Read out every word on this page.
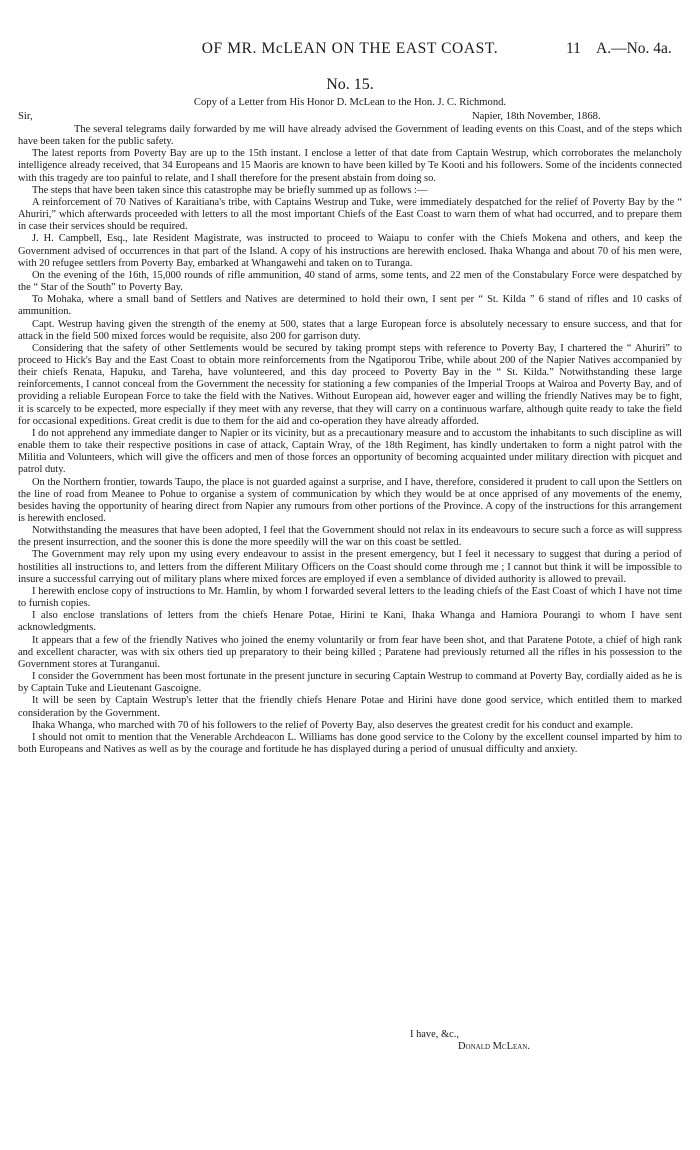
OF MR. McLEAN ON THE EAST COAST.	11 A.—No. 4a.
No. 15.
Copy of a Letter from His Honor D. McLean to the Hon. J. C. Richmond.
Sir,	Napier, 18th November, 1868.

The several telegrams daily forwarded by me will have already advised the Government of leading events on this Coast, and of the steps which have been taken for the public safety.

The latest reports from Poverty Bay are up to the 15th instant. I enclose a letter of that date from Captain Westrup, which corroborates the melancholy intelligence already received, that 34 Europeans and 15 Maoris are known to have been killed by Te Kooti and his followers. Some of the incidents connected with this tragedy are too painful to relate, and I shall therefore for the present abstain from doing so.

The steps that have been taken since this catastrophe may be briefly summed up as follows :—

A reinforcement of 70 Natives of Karaitiana's tribe, with Captains Westrup and Tuke, were immediately despatched for the relief of Poverty Bay by the “ Ahuriri,” which afterwards proceeded with letters to all the most important Chiefs of the East Coast to warn them of what had occurred, and to prepare them in case their services should be required.

J. H. Campbell, Esq., late Resident Magistrate, was instructed to proceed to Waiapu to confer with the Chiefs Mokena and others, and keep the Government advised of occurrences in that part of the Island. A copy of his instructions are herewith enclosed. Ihaka Whanga and about 70 of his men were, with 20 refugee settlers from Poverty Bay, embarked at Whangawehi and taken on to Turanga.

On the evening of the 16th, 15,000 rounds of rifle ammunition, 40 stand of arms, some tents, and 22 men of the Constabulary Force were despatched by the “ Star of the South” to Poverty Bay.

To Mohaka, where a small band of Settlers and Natives are determined to hold their own, I sent per “ St. Kilda ” 6 stand of rifles and 10 casks of ammunition.

Capt. Westrup having given the strength of the enemy at 500, states that a large European force is absolutely necessary to ensure success, and that for attack in the field 500 mixed forces would be requisite, also 200 for garrison duty.

Considering that the safety of other Settlements would be secured by taking prompt steps with reference to Poverty Bay, I chartered the “ Ahuriri” to proceed to Hick's Bay and the East Coast to obtain more reinforcements from the Ngatiporou Tribe, while about 200 of the Napier Natives accompanied by their chiefs Renata, Hapuku, and Tareha, have volunteered, and this day proceed to Poverty Bay in the “ St. Kilda.” Notwithstanding these large reinforcements, I cannot conceal from the Government the necessity for stationing a few companies of the Imperial Troops at Wairoa and Poverty Bay, and of providing a reliable European Force to take the field with the Natives. Without European aid, however eager and willing the friendly Natives may be to fight, it is scarcely to be expected, more especially if they meet with any reverse, that they will carry on a continuous warfare, although quite ready to take the field for occasional expeditions. Great credit is due to them for the aid and co-operation they have already afforded.

I do not apprehend any immediate danger to Napier or its vicinity, but as a precautionary measure and to accustom the inhabitants to such discipline as will enable them to take their respective positions in case of attack, Captain Wray, of the 18th Regiment, has kindly undertaken to form a night patrol with the Militia and Volunteers, which will give the officers and men of those forces an opportunity of becoming acquainted under military direction with picquet and patrol duty.

On the Northern frontier, towards Taupo, the place is not guarded against a surprise, and I have, therefore, considered it prudent to call upon the Settlers on the line of road from Meanee to Pohue to organise a system of communication by which they would be at once apprised of any movements of the enemy, besides having the opportunity of hearing direct from Napier any rumours from other portions of the Province. A copy of the instructions for this arrangement is herewith enclosed.

Notwithstanding the measures that have been adopted, I feel that the Government should not relax in its endeavours to secure such a force as will suppress the present insurrection, and the sooner this is done the more speedily will the war on this coast be settled.

The Government may rely upon my using every endeavour to assist in the present emergency, but I feel it necessary to suggest that during a period of hostilities all instructions to, and letters from the different Military Officers on the Coast should come through me ; I cannot but think it will be impossible to insure a successful carrying out of military plans where mixed forces are employed if even a semblance of divided authority is allowed to prevail.

I herewith enclose copy of instructions to Mr. Hamlin, by whom I forwarded several letters to the leading chiefs of the East Coast of which I have not time to furnish copies.

I also enclose translations of letters from the chiefs Henare Potae, Hirini te Kani, Ihaka Whanga and Hamiora Pourangi to whom I have sent acknowledgments.

It appears that a few of the friendly Natives who joined the enemy voluntarily or from fear have been shot, and that Paratene Potote, a chief of high rank and excellent character, was with six others tied up preparatory to their being killed ; Paratene had previously returned all the rifles in his possession to the Government stores at Turanganui.

I consider the Government has been most fortunate in the present juncture in securing Captain Westrup to command at Poverty Bay, cordially aided as he is by Captain Tuke and Lieutenant Gascoigne.

It will be seen by Captain Westrup's letter that the friendly chiefs Henare Potae and Hirini have done good service, which entitled them to marked consideration by the Government.

Ihaka Whanga, who marched with 70 of his followers to the relief of Poverty Bay, also deserves the greatest credit for his conduct and example.

I should not omit to mention that the Venerable Archdeacon L. Williams has done good service to the Colony by the excellent counsel imparted by him to both Europeans and Natives as well as by the courage and fortitude he has displayed during a period of unusual difficulty and anxiety.

I have, &c.,
Donald McLean.
